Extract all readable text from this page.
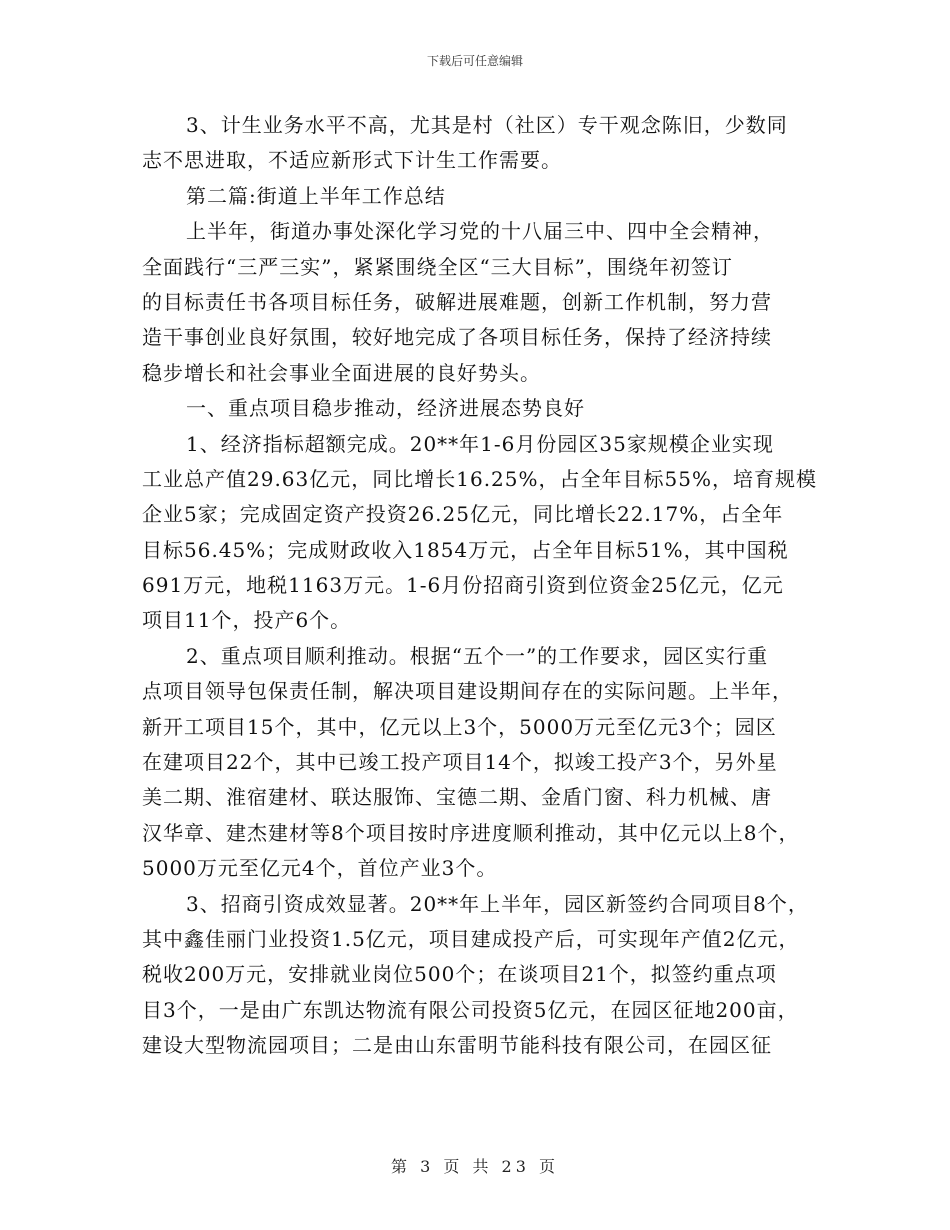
下载后可任意编辑
3、计生业务水平不高，尤其是村（社区）专干观念陈旧，少数同
志不思进取，不适应新形式下计生工作需要。
第二篇:街道上半年工作总结
上半年，街道办事处深化学习党的十八届三中、四中全会精神，
全面践行“三严三实”，紧紧围绕全区“三大目标”，围绕年初签订
的目标责任书各项目标任务，破解进展难题，创新工作机制，努力营
造干事创业良好氛围，较好地完成了各项目标任务，保持了经济持续
稳步增长和社会事业全面进展的良好势头。
一、重点项目稳步推动，经济进展态势良好
1、经济指标超额完成。20**年1-6月份园区35家规模企业实现
工业总产值29.63亿元，同比增长16.25%，占全年目标55%，培育规模
企业5家；完成固定资产投资26.25亿元，同比增长22.17%，占全年
目标56.45%；完成财政收入1854万元，占全年目标51%，其中国税
691万元，地税1163万元。1-6月份招商引资到位资金25亿元，亿元
项目11个，投产6个。
2、重点项目顺利推动。根据“五个一”的工作要求，园区实行重
点项目领导包保责任制，解决项目建设期间存在的实际问题。上半年，
新开工项目15个，其中，亿元以上3个，5000万元至亿元3个；园区
在建项目22个，其中已竣工投产项目14个，拟竣工投产3个，另外星
美二期、淮宿建材、联达服饰、宝德二期、金盾门窗、科力机械、唐
汉华章、建杰建材等8个项目按时序进度顺利推动，其中亿元以上8个，
5000万元至亿元4个，首位产业3个。
3、招商引资成效显著。20**年上半年，园区新签约合同项目8个，
其中鑫佳丽门业投资1.5亿元，项目建成投产后，可实现年产值2亿元，
税收200万元，安排就业岗位500个；在谈项目21个，拟签约重点项
目3个，一是由广东凯达物流有限公司投资5亿元，在园区征地200亩，
建设大型物流园项目；二是由山东雷明节能科技有限公司，在园区征
第 3 页 共 23 页
